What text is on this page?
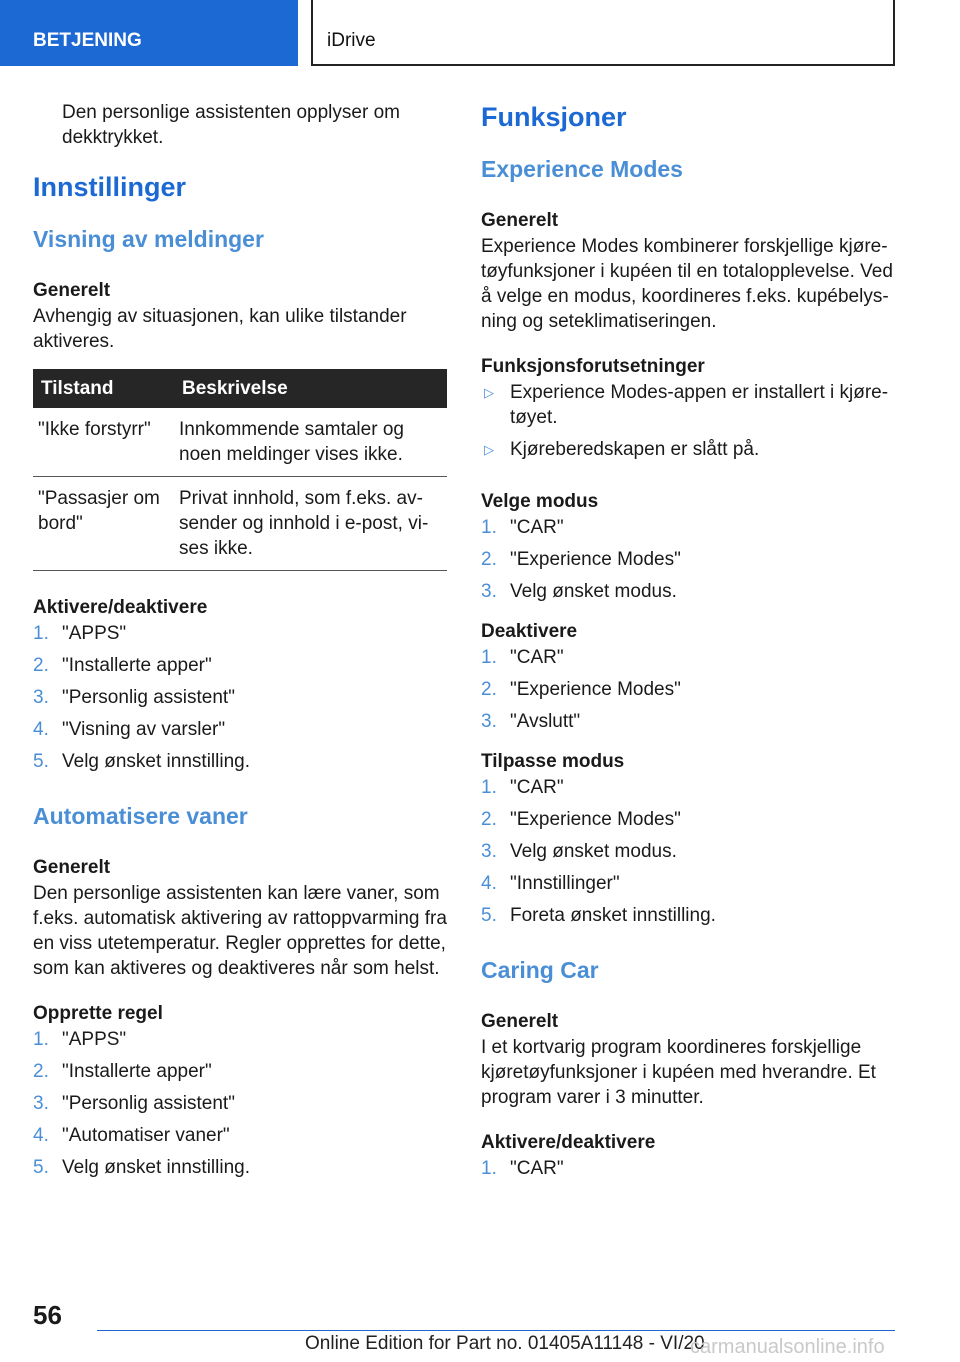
BETJENING	iDrive

Den personlige assistenten opplyser om dekktrykket.

Innstillinger
Visning av meldinger
Generelt

Avhengig av situasjonen, kan ulike tilstander aktiveres.

Tilstand	Beskrivelse
"Ikke forstyrr"	Innkommende samtaler og noen meldinger vises ikke.
"Passasjer om bord"	Privat innhold, som f.eks. avsender og innhold i e-post, vises ikke.
Aktivere/deaktivere
1. "APPS"
2. "Installerte apper"
3. "Personlig assistent"
4. "Visning av varsler"
5. Velg ønsket innstilling.
Automatisere vaner
Generelt

Den personlige assistenten kan lære vaner, som f.eks. automatisk aktivering av rattoppvarming fra en viss utetemperatur. Regler opprettes for dette, som kan aktiveres og deaktiveres når som helst.

Opprette regel
1. "APPS"
2. "Installerte apper"
3. "Personlig assistent"
4. "Automatiser vaner"
5. Velg ønsket innstilling.
Funksjoner
Experience Modes
Generelt

Experience Modes kombinerer forskjellige kjøretøyfunksjoner i kupéen til en totalopplevelse. Ved å velge en modus, koordineres f.eks. kupébelysning og seteklimatiseringen.

Funksjonsforutsetninger
▷ Experience Modes-appen er installert i kjøretøyet.
▷ Kjøreberedskapen er slått på.
Velge modus
1. "CAR"
2. "Experience Modes"
3. Velg ønsket modus.
Deaktivere
1. "CAR"
2. "Experience Modes"
3. "Avslutt"
Tilpasse modus
1. "CAR"
2. "Experience Modes"
3. Velg ønsket modus.
4. "Innstillinger"
5. Foreta ønsket innstilling.
Caring Car
Generelt

I et kortvarig program koordineres forskjellige kjøretøyfunksjoner i kupéen med hverandre. Et program varer i 3 minutter.

Aktivere/deaktivere
1. "CAR"
56
Online Edition for Part no. 01405A11148 - VI/20
carmanualsonline.info
